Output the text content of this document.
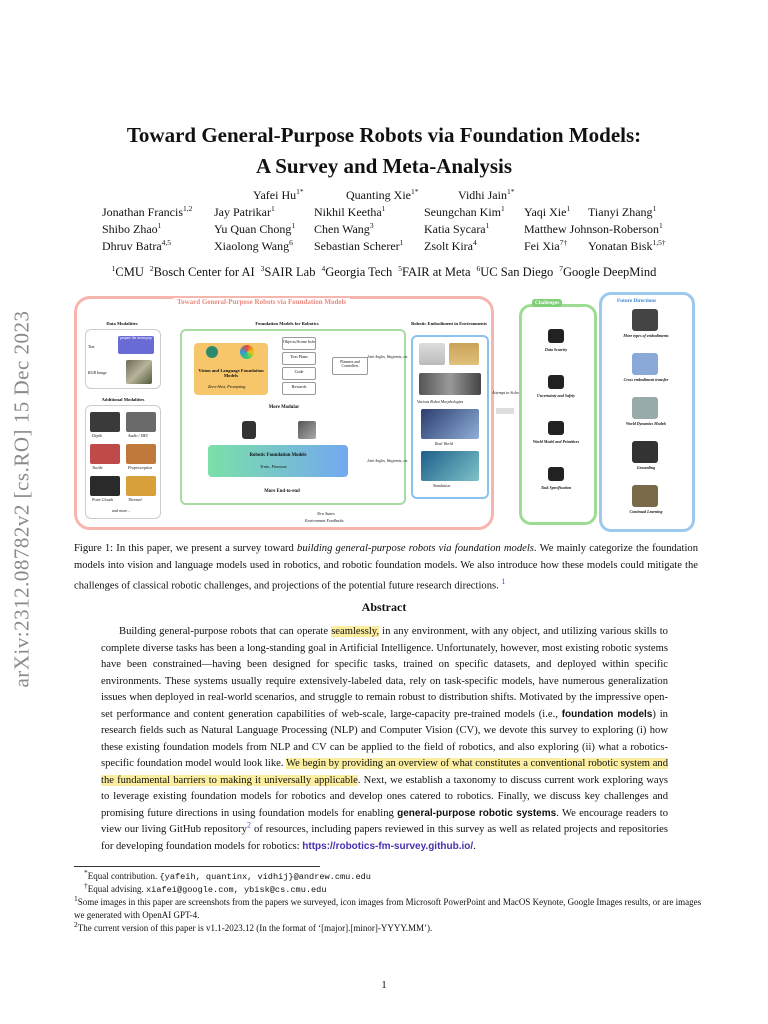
arXiv:2312.08782v2 [cs.RO] 15 Dec 2023
Toward General-Purpose Robots via Foundation Models:
A Survey and Meta-Analysis
Yafei $Hu^{1*}$	Quanting Xie$^{1*}$	Vidhi Jain$^{1*}$
Jonathan Francis$^{1,2}$ Jay Patrikar$^1$	Nikhil Keetha$^1$	Seungchan Kim$^1$ Yaqi Xie$^1$ Tianyi Zhang$^1$
Shibo Zhao$^1$	Yu Quan Chong$^1$ Chen Wang$^3$	Katia Sycara$^1$	Matthew Johnson-Roberson$^1$
Dhruv Batra$^{4,5}$	Xiaolong Wang$^6$ Sebastian Scherer$^1$ Zsolt Kira$^4$	Fei Xia$^{7\dagger}$ Yonatan Bisk$^{1,5\dagger}$
$^1$CMU $^2$Bosch Center for AI $^3$SAIR Lab $^4$Georgia Tech $^5$FAIR at Meta $^6$UC San Diego $^7$Google DeepMind
Toward General-Purpose Robots via Foundation Models
Data Modalities
Text
prepare the steam pop
RGB Image
Additional Modalities
Depth	Audio / IMU
Tactile	Proprioception
Point Clouds	Thermal
and more...
Foundation Models for Robotics
Vision and Language Foundation Models
Zero-Shot, Prompting
Objects/Scene Info
Text Plans
Code
Rewards
Planners and Controllers
More Modular
Robotic Foundation Models
Train, Finetune
More End-to-end
Joint Angles, Waypoints, etc.
Joint Angles, Waypoints, etc.
Robotic Embodiment in Environments
Various Robot Morphologies
Real World
Simulation
New States
Environment Feedbacks
Attempt to Solve
Challenges
Data Scarcity
Uncertainty and Safety
World Model and Primitives
Task Specification
Future Directions
More types of embodiments
Cross embodiment transfer
World Dynamics Models
Grounding
Continual Learning
Figure 1: In this paper, we present a survey toward building general-purpose robots via foundation models. We mainly categorize the foundation models into vision and language models used in robotics, and robotic foundation models. We also introduce how these models could mitigate the challenges of classical robotic challenges, and projections of the potential future research directions. $^1$
Abstract
Building general-purpose robots that can operate seamlessly, in any environment, with any object, and utilizing various skills to complete diverse tasks has been a long-standing goal in Artificial Intelligence. Unfortunately, however, most existing robotic systems have been constrained—having been designed for specific tasks, trained on specific datasets, and deployed within specific environments. These systems usually require extensively-labeled data, rely on task-specific models, have numerous generalization issues when deployed in real-world scenarios, and struggle to remain robust to distribution shifts. Motivated by the impressive open-set performance and content generation capabilities of web-scale, large-capacity pre-trained models (i.e., foundation models) in research fields such as Natural Language Processing (NLP) and Computer Vision (CV), we devote this survey to exploring (i) how these existing foundation models from NLP and CV can be applied to the field of robotics, and also exploring (ii) what a robotics-specific foundation model would look like. We begin by providing an overview of what constitutes a conventional robotic system and the fundamental barriers to making it universally applicable. Next, we establish a taxonomy to discuss current work exploring ways to leverage existing foundation models for robotics and develop ones catered to robotics. Finally, we discuss key challenges and promising future directions in using foundation models for enabling general-purpose robotic systems. We encourage readers to view our living GitHub repository$^2$ of resources, including papers reviewed in this survey as well as related projects and repositories for developing foundation models for robotics: https://robotics-fm-survey.github.io/.
*Equal contribution. {yafeih, quantinx, vidhij}@andrew.cmu.edu
†Equal advising. xiafei@google.com, ybisk@cs.cmu.edu
$^1$Some images in this paper are screenshots from the papers we surveyed, icon images from Microsoft PowerPoint and MacOS Keynote, Google Images results, or are images we generated with OpenAI GPT-4.
$^2$The current version of this paper is v1.1-2023.12 (In the format of ‘[major].[minor]-YYYY.MM’).
1
